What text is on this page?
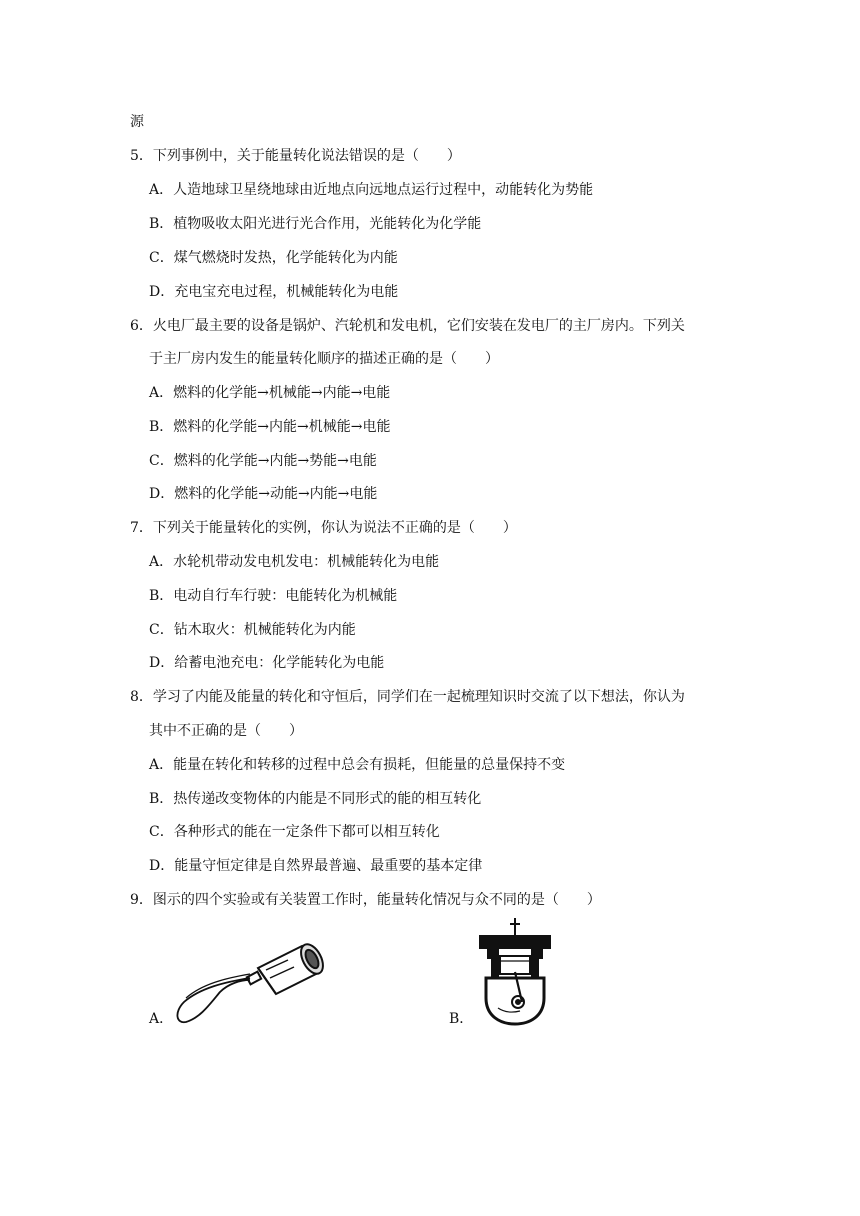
源
5．下列事例中，关于能量转化说法错误的是（　　）
A．人造地球卫星绕地球由近地点向远地点运行过程中，动能转化为势能
B．植物吸收太阳光进行光合作用，光能转化为化学能
C．煤气燃烧时发热，化学能转化为内能
D．充电宝充电过程，机械能转化为电能
6．火电厂最主要的设备是锅炉、汽轮机和发电机，它们安装在发电厂的主厂房内。下列关
于主厂房内发生的能量转化顺序的描述正确的是（　　）
A．燃料的化学能→机械能→内能→电能
B．燃料的化学能→内能→机械能→电能
C．燃料的化学能→内能→势能→电能
D．燃料的化学能→动能→内能→电能
7．下列关于能量转化的实例，你认为说法不正确的是（　　）
A．水轮机带动发电机发电：机械能转化为电能
B．电动自行车行驶：电能转化为机械能
C．钻木取火：机械能转化为内能
D．给蓄电池充电：化学能转化为电能
8．学习了内能及能量的转化和守恒后，同学们在一起梳理知识时交流了以下想法，你认为
其中不正确的是（　　）
A．能量在转化和转移的过程中总会有损耗，但能量的总量保持不变
B．热传递改变物体的内能是不同形式的能的相互转化
C．各种形式的能在一定条件下都可以相互转化
D．能量守恒定律是自然界最普遍、最重要的基本定律
9．图示的四个实验或有关装置工作时，能量转化情况与众不同的是（　　）
A．	B．
